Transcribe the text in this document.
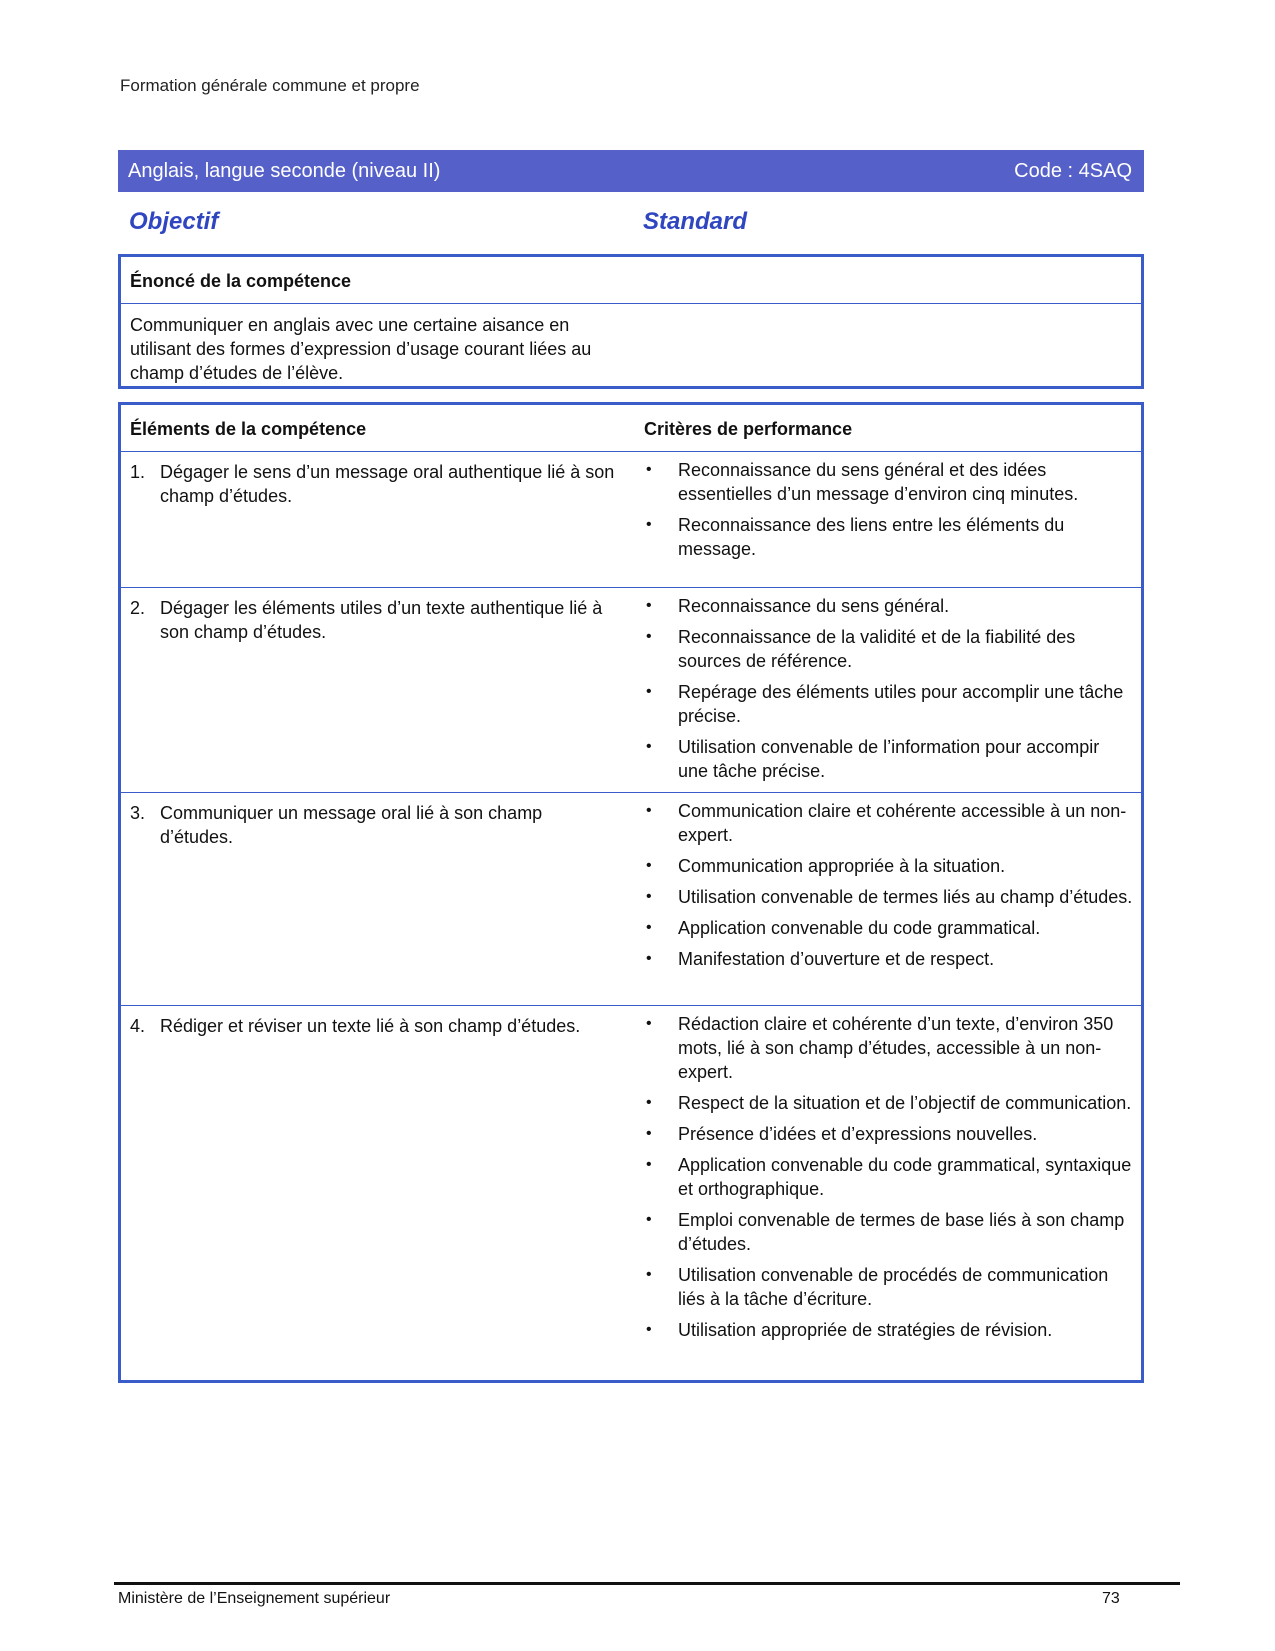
Formation générale commune et propre
Anglais, langue seconde (niveau II)	Code : 4SAQ
Objectif	Standard
Énoncé de la compétence
Communiquer en anglais avec une certaine aisance en utilisant des formes d’expression d’usage courant liées au champ d’études de l’élève.
Éléments de la compétence	Critères de performance
1. Dégager le sens d’un message oral authentique lié à son champ d’études.
• Reconnaissance du sens général et des idées essentielles d’un message d’environ cinq minutes.
• Reconnaissance des liens entre les éléments du message.
2. Dégager les éléments utiles d’un texte authentique lié à son champ d’études.
• Reconnaissance du sens général.
• Reconnaissance de la validité et de la fiabilité des sources de référence.
• Repérage des éléments utiles pour accomplir une tâche précise.
• Utilisation convenable de l’information pour accompir une tâche précise.
3. Communiquer un message oral lié à son champ d’études.
• Communication claire et cohérente accessible à un non-expert.
• Communication appropriée à la situation.
• Utilisation convenable de termes liés au champ d’études.
• Application convenable du code grammatical.
• Manifestation d’ouverture et de respect.
4. Rédiger et réviser un texte lié à son champ d’études.	• Rédaction claire et cohérente d’un texte, d’environ 350 mots, lié à son champ d’études, accessible à un non-expert.
• Respect de la situation et de l’objectif de communication.
• Présence d’idées et d’expressions nouvelles.
• Application convenable du code grammatical, syntaxique et orthographique.
• Emploi convenable de termes de base liés à son champ d’études.
• Utilisation convenable de procédés de communication liés à la tâche d’écriture.
• Utilisation appropriée de stratégies de révision.
Ministère de l’Enseignement supérieur	73
